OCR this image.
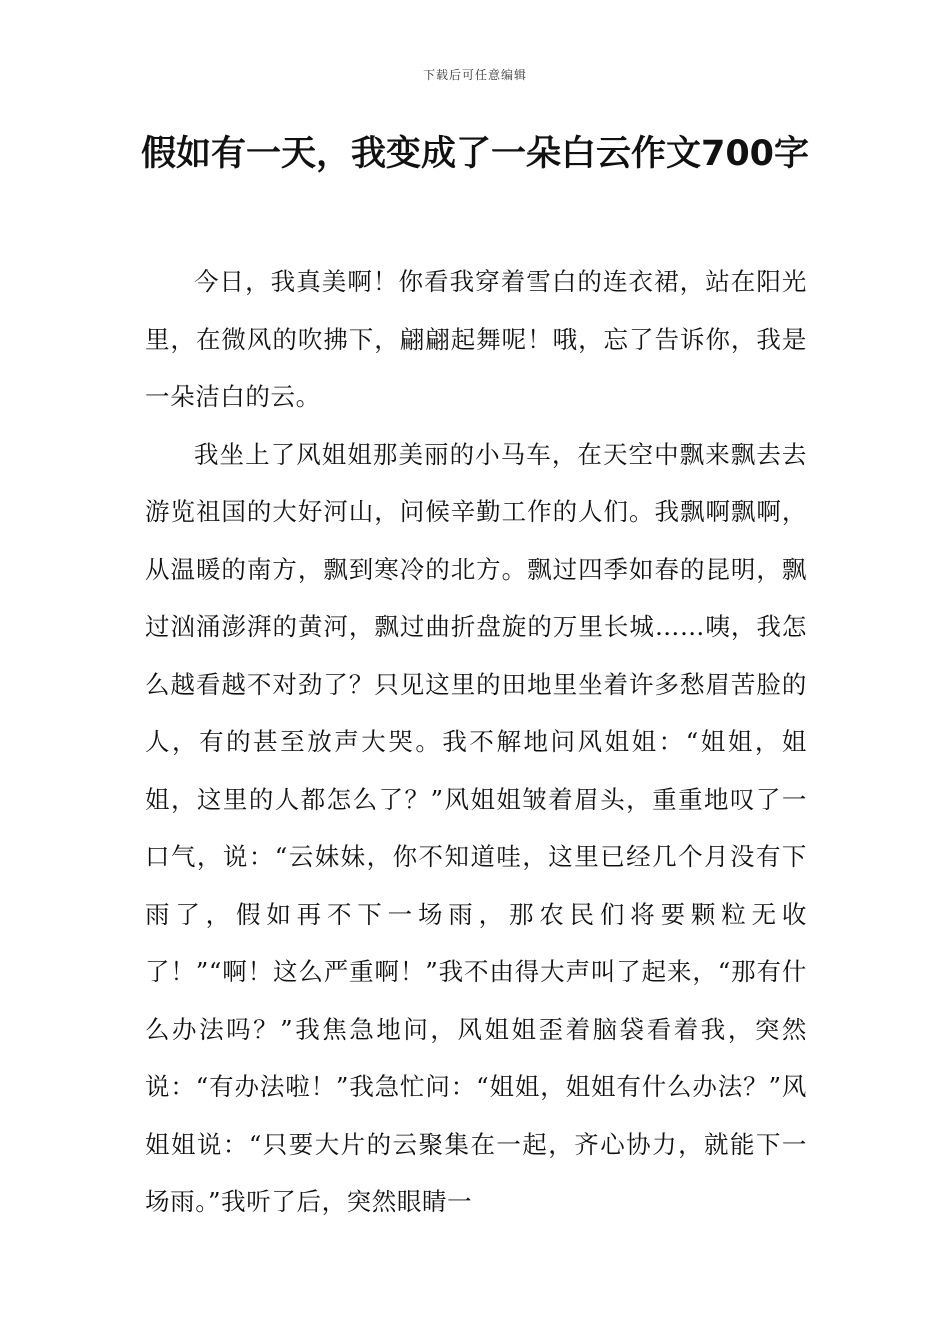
下载后可任意编辑
假如有一天，我变成了一朵白云作文700字

今日，我真美啊！你看我穿着雪白的连衣裙，站在阳光里，在微风的吹拂下，翩翩起舞呢！哦，忘了告诉你，我是一朵洁白的云。

我坐上了风姐姐那美丽的小马车，在天空中飘来飘去去游览祖国的大好河山，问候辛勤工作的人们。我飘啊飘啊，从温暖的南方，飘到寒冷的北方。飘过四季如春的昆明，飘过汹涌澎湃的黄河，飘过曲折盘旋的万里长城……咦，我怎么越看越不对劲了？只见这里的田地里坐着许多愁眉苦脸的人，有的甚至放声大哭。我不解地问风姐姐：“姐姐，姐姐，这里的人都怎么了？”风姐姐皱着眉头，重重地叹了一口气，说：“云妹妹，你不知道哇，这里已经几个月没有下雨了，假如再不下一场雨，那农民们将要颗粒无收了！”“啊！这么严重啊！”我不由得大声叫了起来，“那有什么办法吗？”我焦急地问，风姐姐歪着脑袋看着我，突然说：“有办法啦！”我急忙问：“姐姐，姐姐有什么办法？”风姐姐说：“只要大片的云聚集在一起，齐心协力，就能下一场雨。”我听了后，突然眼睛一
